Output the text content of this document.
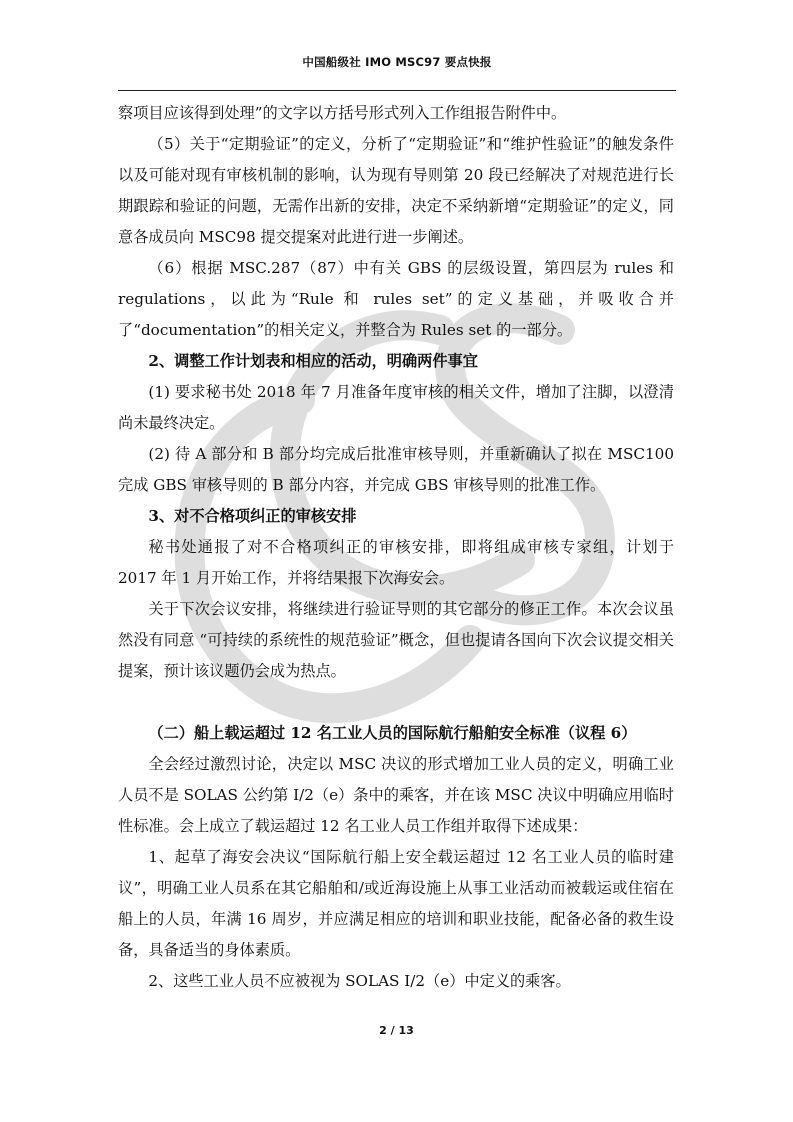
中国船级社 IMO MSC97 要点快报

察项目应该得到处理”的文字以方括号形式列入工作组报告附件中。

（5）关于“定期验证”的定义，分析了“定期验证”和“维护性验证”的触发条件以及可能对现有审核机制的影响，认为现有导则第 20 段已经解决了对规范进行长期跟踪和验证的问题，无需作出新的安排，决定不采纳新增“定期验证”的定义，同意各成员向 MSC98 提交提案对此进行进一步阐述。

（6）根据 MSC.287（87）中有关 GBS 的层级设置，第四层为 rules 和 regulations，以此为“Rule 和 rules set”的定义基础，并吸收合并了“documentation”的相关定义，并整合为 Rules set 的一部分。

2、调整工作计划表和相应的活动，明确两件事宜

(1) 要求秘书处 2018 年 7 月准备年度审核的相关文件，增加了注脚，以澄清尚未最终决定。

(2) 待 A 部分和 B 部分均完成后批准审核导则，并重新确认了拟在 MSC100 完成 GBS 审核导则的 B 部分内容，并完成 GBS 审核导则的批准工作。

3、对不合格项纠正的审核安排

秘书处通报了对不合格项纠正的审核安排，即将组成审核专家组，计划于 2017 年 1 月开始工作，并将结果报下次海安会。

关于下次会议安排，将继续进行验证导则的其它部分的修正工作。本次会议虽然没有同意 “可持续的系统性的规范验证”概念，但也提请各国向下次会议提交相关提案，预计该议题仍会成为热点。

（二）船上载运超过 12 名工业人员的国际航行船舶安全标准（议程 6）

全会经过激烈讨论，决定以 MSC 决议的形式增加工业人员的定义，明确工业人员不是 SOLAS 公约第 I/2（e）条中的乘客，并在该 MSC 决议中明确应用临时性标准。会上成立了载运超过 12 名工业人员工作组并取得下述成果：

1、起草了海安会决议“国际航行船上安全载运超过 12 名工业人员的临时建议”，明确工业人员系在其它船舶和/或近海设施上从事工业活动而被载运或住宿在船上的人员，年满 16 周岁，并应满足相应的培训和职业技能，配备必备的救生设备，具备适当的身体素质。

2、这些工业人员不应被视为 SOLAS I/2（e）中定义的乘客。

2 / 13
